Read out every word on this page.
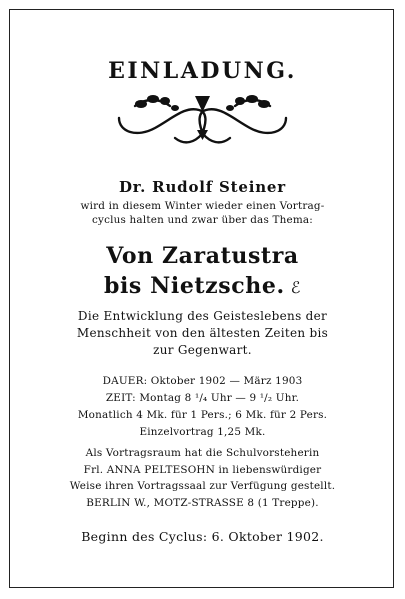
EINLADUNG.
Dr. Rudolf Steiner
wird in diesem Winter wieder einen Vortrag-
cyclus halten und zwar über das Thema:
Von Zaratustra
bis Nietzsche. ℰ
Die Entwicklung des Geisteslebens der
Menschheit von den ältesten Zeiten bis
zur Gegenwart.
DAUER: Oktober 1902 — März 1903
ZEIT: Montag 8 ¹/₄ Uhr — 9 ¹/₂ Uhr.
Monatlich 4 Mk. für 1 Pers.; 6 Mk. für 2 Pers.
Einzelvortrag 1,25 Mk.
Als Vortragsraum hat die Schulvorsteherin
Frl. ANNA PELTESOHN in liebenswürdiger
Weise ihren Vortragssaal zur Verfügung gestellt.
BERLIN W., MOTZ-STRASSE 8 (1 Treppe).
Beginn des Cyclus: 6. Oktober 1902.
